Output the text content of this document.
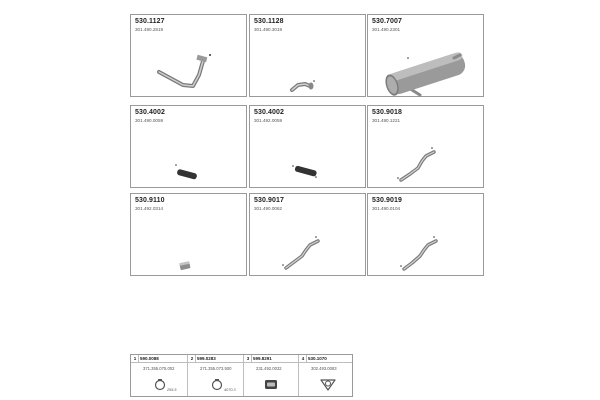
530.1127
301.490.2819
530.1128
301.490.3019
530.7007
301.490.2301
530.4002
301.490.0059
530.4002
301.492.0059
530.9018
301.490.1221
530.9110
301.492.0314
530.9017
301.490.0062
530.9019
301.490.0104
1 590.0088
371.355.075.002
255.5
2 599.0283
271.355.073.500
4070.3
3 599.8291
231.492.0032
4 530.1070
302.493.0083
